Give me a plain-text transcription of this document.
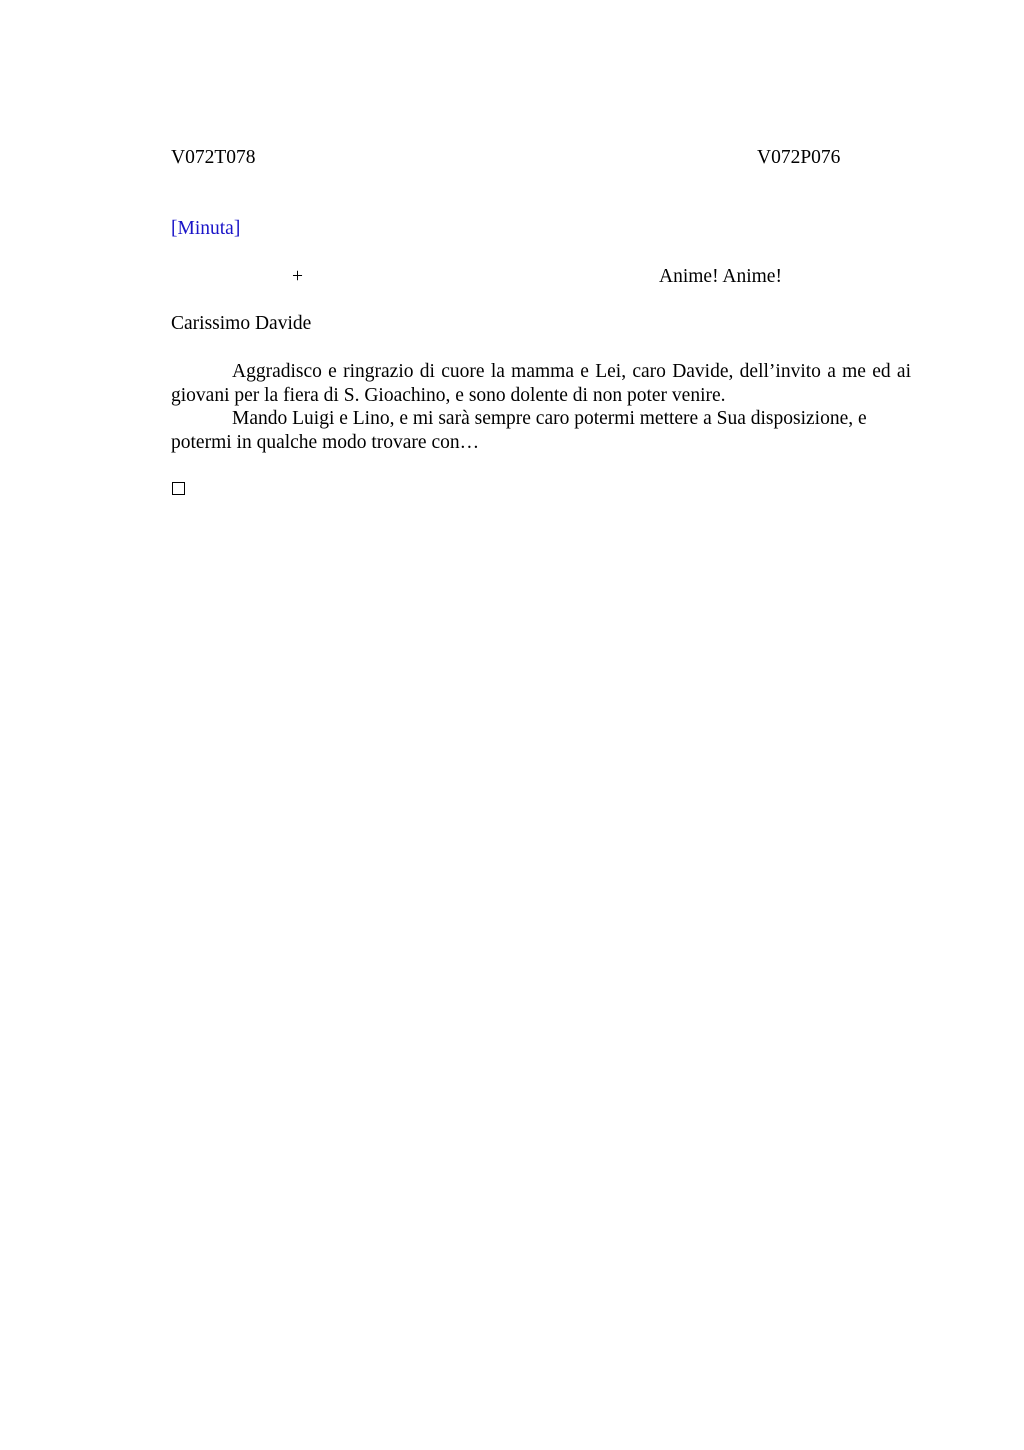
V072T078	V072P076
[Minuta]
+	Anime! Anime!
Carissimo Davide

Aggradisco e ringrazio di cuore la mamma e Lei, caro Davide, dell’invito a me ed ai giovani per la fiera di S. Gioachino, e sono dolente di non poter venire.

Mando Luigi e Lino, e mi sarà sempre caro potermi mettere a Sua disposizione, e potermi in qualche modo trovare con…
